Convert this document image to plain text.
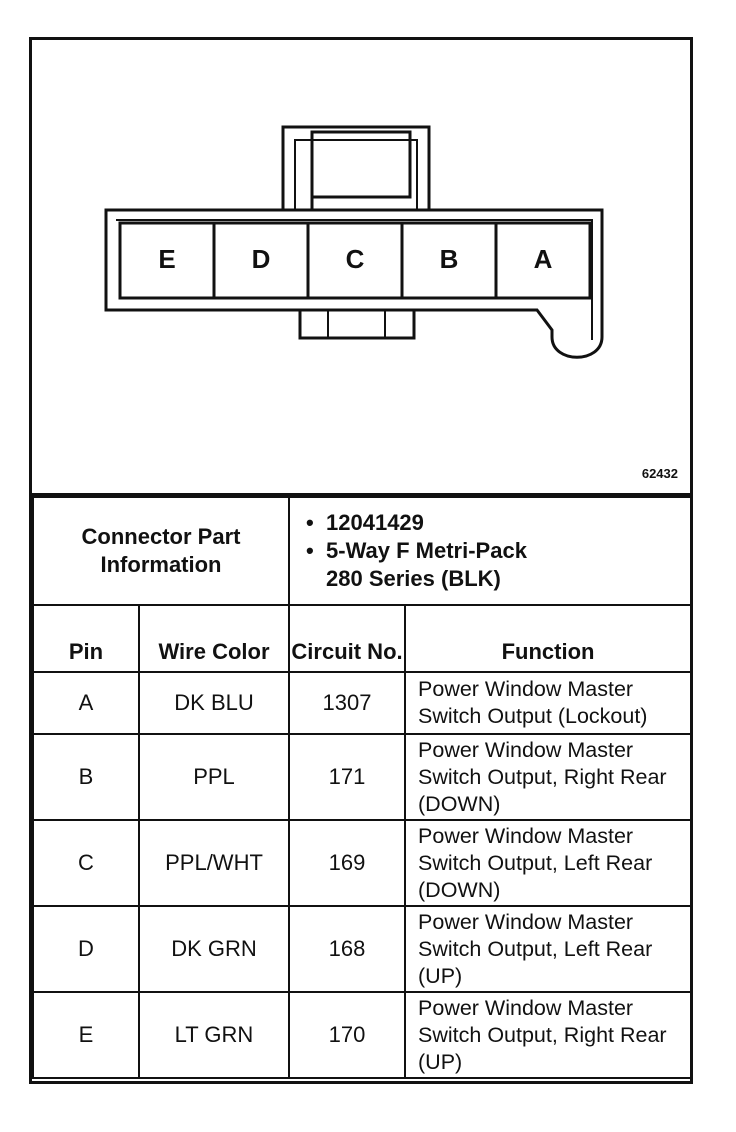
E	D	C	B	A
62432
Connector Part Information		• 12041429
• 5-Way F Metri-Pack
280 Series (BLK)	

Pin	Wire Color	Circuit No.	Function
A	DK BLU	1307	Power Window Master Switch Output (Lockout)
B	PPL	171	Power Window Master Switch Output, Right Rear (DOWN)
C	PPL/WHT	169	Power Window Master Switch Output, Left Rear (DOWN)
D	DK GRN	168	Power Window Master Switch Output, Left Rear (UP)
E	LT GRN	170	Power Window Master Switch Output, Right Rear (UP)
